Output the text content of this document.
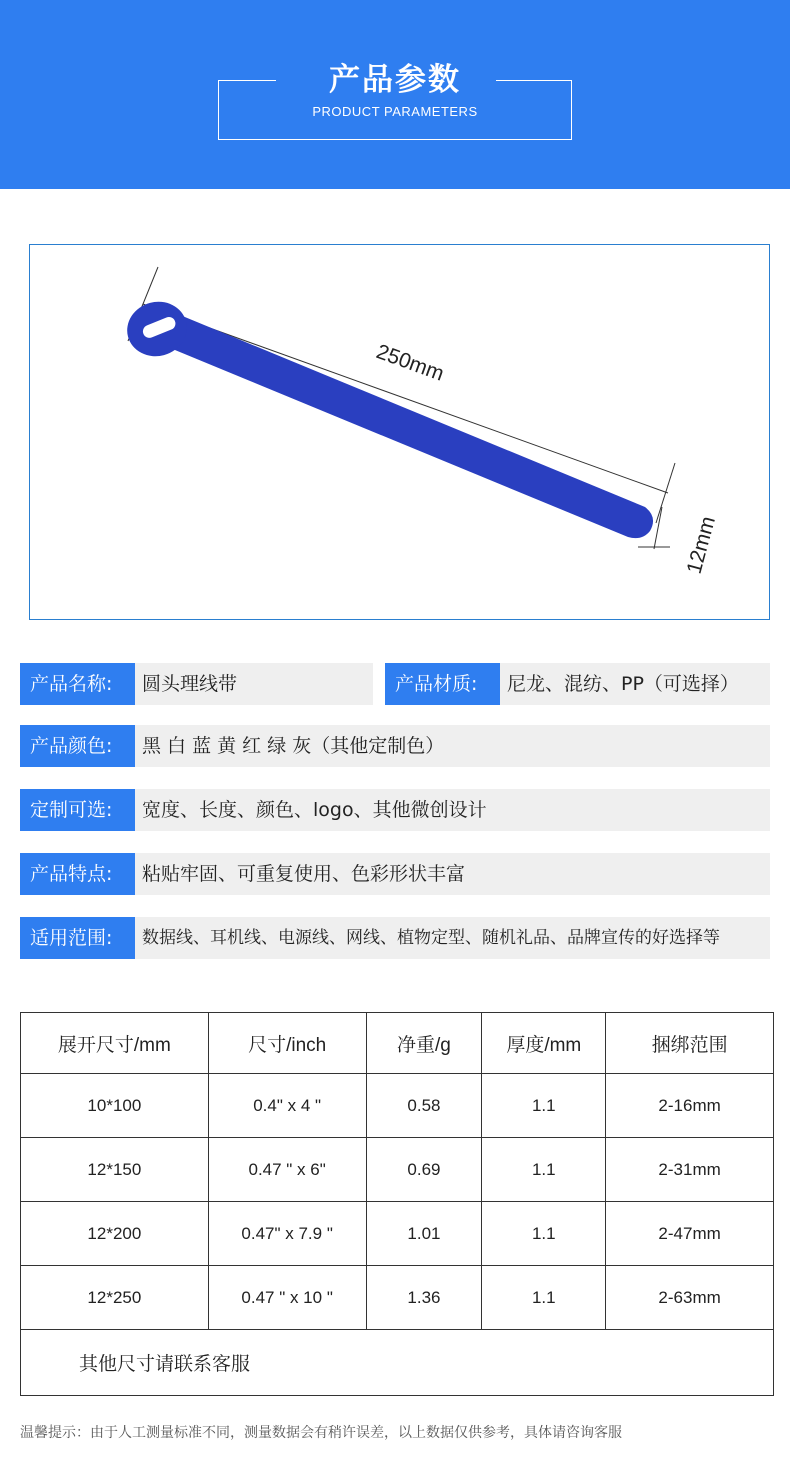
产品参数
PRODUCT PARAMETERS
250mm
12mm
产品名称:	圆头理线带	产品材质:	尼龙、混纺、PP（可选择）
产品颜色:	黑 白 蓝 黄 红 绿 灰（其他定制色）
定制可选:	宽度、长度、颜色、logo、其他微创设计
产品特点:	粘贴牢固、可重复使用、色彩形状丰富
适用范围:	数据线、耳机线、电源线、网线、植物定型、随机礼品、品牌宣传的好选择等
展开尺寸/mm	尺寸/inch	净重/g	厚度/mm	捆绑范围
10*100	0.4" x 4 "	0.58	1.1	2-16mm
12*150	0.47 " x 6"	0.69	1.1	2-31mm
12*200	0.47" x 7.9 "	1.01	1.1	2-47mm
12*250	0.47 " x 10 "	1.36	1.1	2-63mm
其他尺寸请联系客服				
温馨提示：由于人工测量标准不同，测量数据会有稍许误差，以上数据仅供参考，具体请咨询客服
